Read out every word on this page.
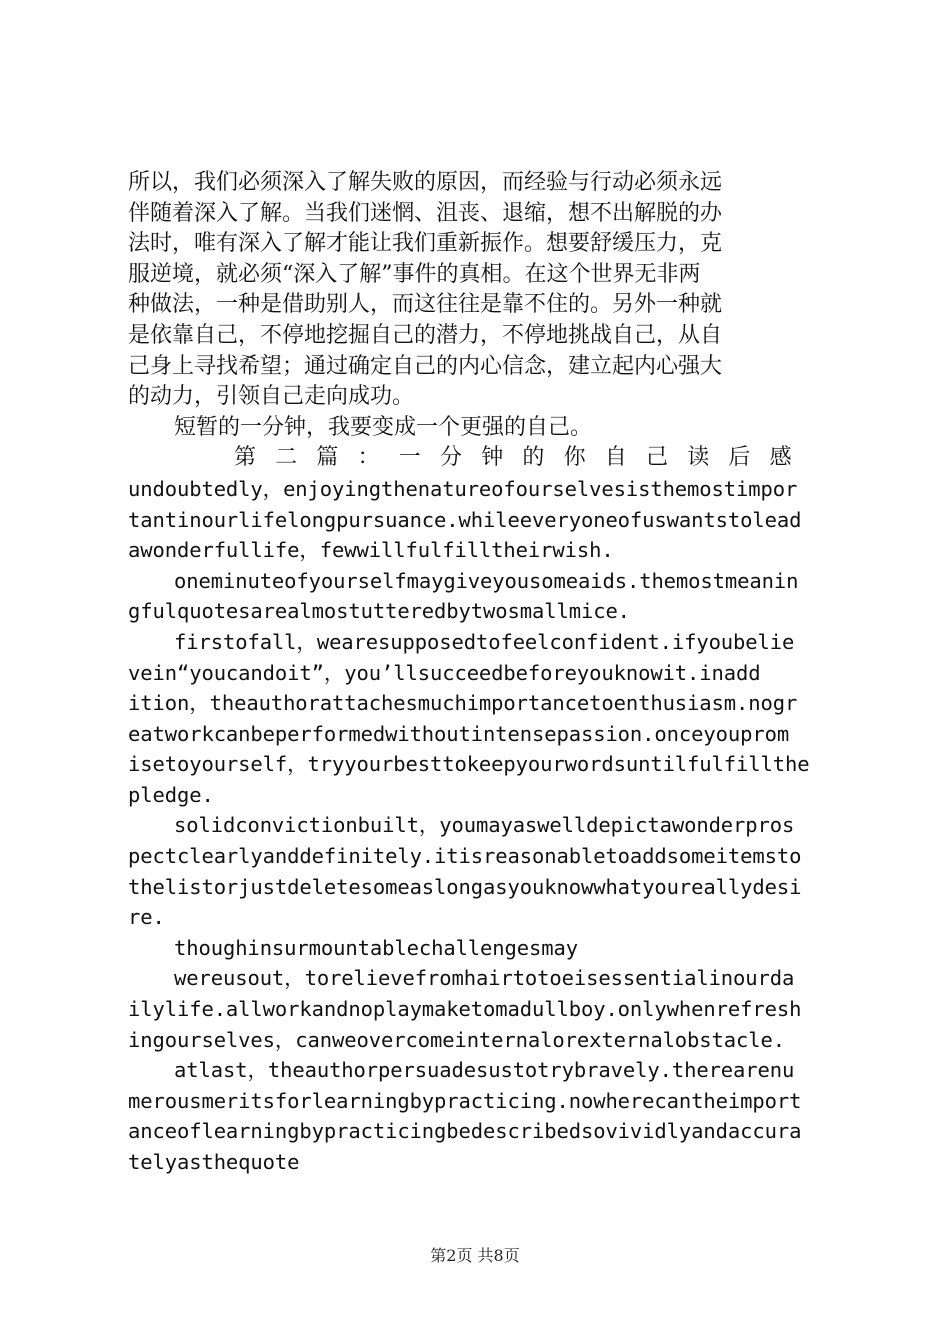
所以，我们必须深入了解失败的原因，而经验与行动必须永远
伴随着深入了解。当我们迷惘、沮丧、退缩，想不出解脱的办
法时，唯有深入了解才能让我们重新振作。想要舒缓压力，克
服逆境，就必须“深入了解”事件的真相。在这个世界无非两
种做法，一种是借助别人，而这往往是靠不住的。另外一种就
是依靠自己，不停地挖掘自己的潜力，不停地挑战自己，从自
己身上寻找希望；通过确定自己的内心信念，建立起内心强大
的动力，引领自己走向成功。
短暂的一分钟，我要变成一个更强的自己。
第二篇：一分钟的你自己读后感
undoubtedly，enjoyingthenatureofourselvesisthemostimpor
tantinourlifelongpursuance.whileeveryoneofuswantstolead
awonderfullife，fewwillfulfilltheirwish.
oneminuteofyourselfmaygiveyousomeaids.themostmeanin
gfulquotesarealmostutteredbytwosmallmice.
firstofall，wearesupposedtofeelconfident.ifyoubelie
vein“youcandoit”，you’llsucceedbeforeyouknowit.inadd
ition，theauthorattachesmuchimportancetoenthusiasm.nogr
eatworkcanbeperformedwithoutintensepassion.onceyouprom
isetoyourself，tryyourbesttokeepyourwordsuntilfulfillthe
pledge.
solidconvictionbuilt，youmayaswelldepictawonderpros
pectclearlyanddefinitely.itisreasonabletoaddsomeitemsto
thelistorjustdeletesomeaslongasyouknowwhatyoureallydesi
re.
thoughinsurmountablechallengesmay
wereusout，torelievefromhairtotoeisessentialinourda
ilylife.allworkandnoplaymaketomadullboy.onlywhenrefresh
ingourselves，canweovercomeinternalorexternalobstacle.
atlast，theauthorpersuadesustotrybravely.therearenu
merousmeritsforlearningbypracticing.nowherecantheimport
anceoflearningbypracticingbedescribedsovividlyandaccura
telyasthequote
第2页 共8页
